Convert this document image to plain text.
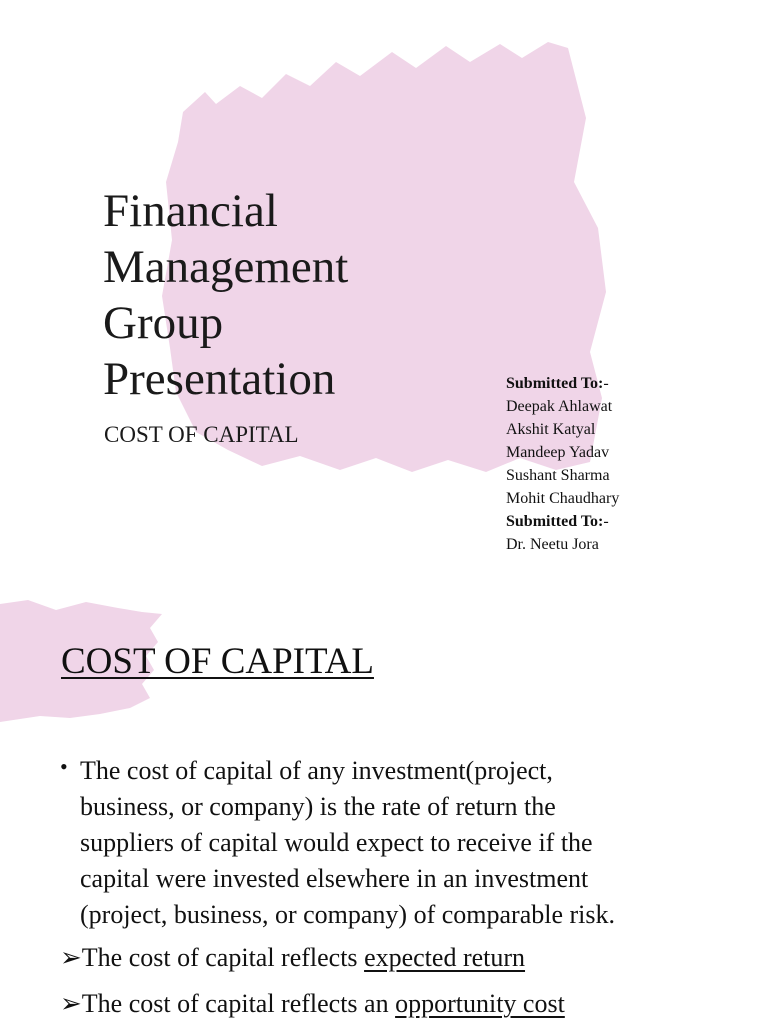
Financial
Management
Group
Presentation
COST OF CAPITAL
Submitted To:-
Deepak Ahlawat
Akshit Katyal
Mandeep Yadav
Sushant Sharma
Mohit Chaudhary
Submitted To:-
Dr. Neetu Jora
COST OF CAPITAL
• The cost of capital of any investment(project,
business, or company) is the rate of return the
suppliers of capital would expect to receive if the
capital were invested elsewhere in an investment
(project, business, or company) of comparable risk.
➢The cost of capital reflects expected return
➢The cost of capital reflects an opportunity cost
